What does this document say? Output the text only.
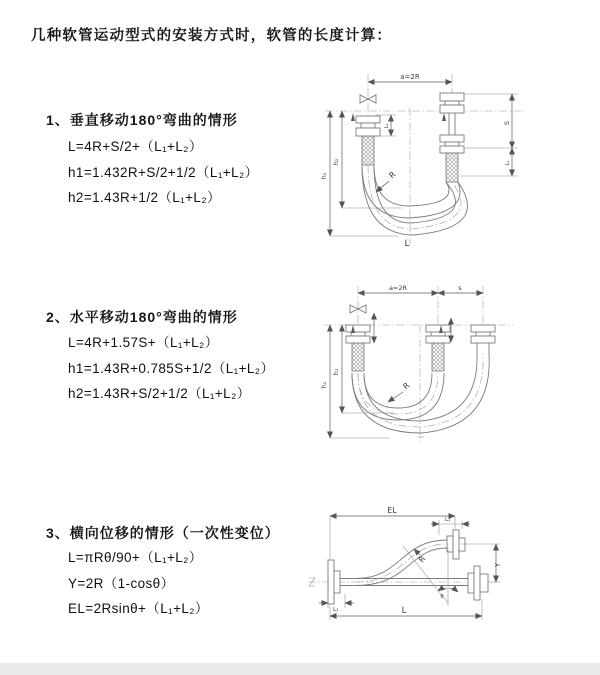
几种软管运动型式的安装方式时，软管的长度计算：
1、垂直移动180°弯曲的情形
L=4R+S/2+（L₁+L₂）
h1=1.432R+S/2+1/2（L₁+L₂）
h2=1.43R+1/2（L₁+L₂）
2、水平移动180°弯曲的情形
L=4R+1.57S+（L₁+L₂）
h1=1.43R+0.785S+1/2（L₁+L₂）
h2=1.43R+S/2+1/2（L₁+L₂）
3、横向位移的情形（一次性变位）
L=πRθ/90+（L₁+L₂）
Y=2R（1-cosθ）
EL=2Rsinθ+（L₁+L₂）
a=2R
h₁
h₂
L₁
S
L₁
R
L
a=2R	s
h₁
h₂
R
EL
L₁
Y
θ
R
L
L₁
